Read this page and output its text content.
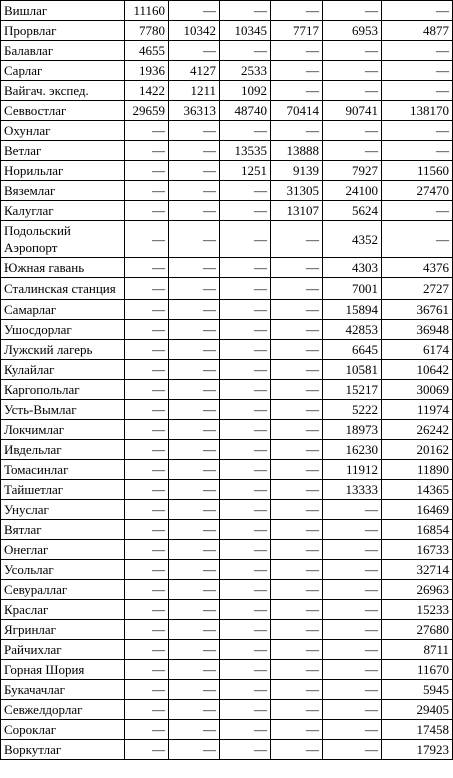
Вишлаг	11160	—	—	—	—	—
Прорвлаг	7780	10342	10345	7717	6953	4877
Балавлаг	4655	—	—	—	—	—
Сарлаг	1936	4127	2533	—	—	—
Вайгач. экспед.	1422	1211	1092	—	—	—
Севвостлаг	29659	36313	48740	70414	90741	138170
Охунлаг	—	—	—	—	—	—
Ветлаг	—	—	13535	13888	—	—
Норильлаг	—	—	1251	9139	7927	11560
Вяземлаг	—	—	—	31305	24100	27470
Калуглаг	—	—	—	13107	5624	—
Подольский Аэропорт	—	—	—	—	4352	—
Южная гавань	—	—	—	—	4303	4376
Сталинская станция	—	—	—	—	7001	2727
Самарлаг	—	—	—	—	15894	36761
Ушосдорлаг	—	—	—	—	42853	36948
Лужский лагерь	—	—	—	—	6645	6174
Кулайлаг	—	—	—	—	10581	10642
Каргопольлаг	—	—	—	—	15217	30069
Усть-Вымлаг	—	—	—	—	5222	11974
Локчимлаг	—	—	—	—	18973	26242
Ивдельлаг	—	—	—	—	16230	20162
Томасинлаг	—	—	—	—	11912	11890
Тайшетлаг	—	—	—	—	13333	14365
Унуслаг	—	—	—	—	—	16469
Вятлаг	—	—	—	—	—	16854
Онеглаг	—	—	—	—	—	16733
Усольлаг	—	—	—	—	—	32714
Севураллаг	—	—	—	—	—	26963
Краслаг	—	—	—	—	—	15233
Ягринлаг	—	—	—	—	—	27680
Райчихлаг	—	—	—	—	—	8711
Горная Шория	—	—	—	—	—	11670
Букачачлаг	—	—	—	—	—	5945
Севжелдорлаг	—	—	—	—	—	29405
Сороклаг	—	—	—	—	—	17458
Воркутлаг	—	—	—	—	—	17923
